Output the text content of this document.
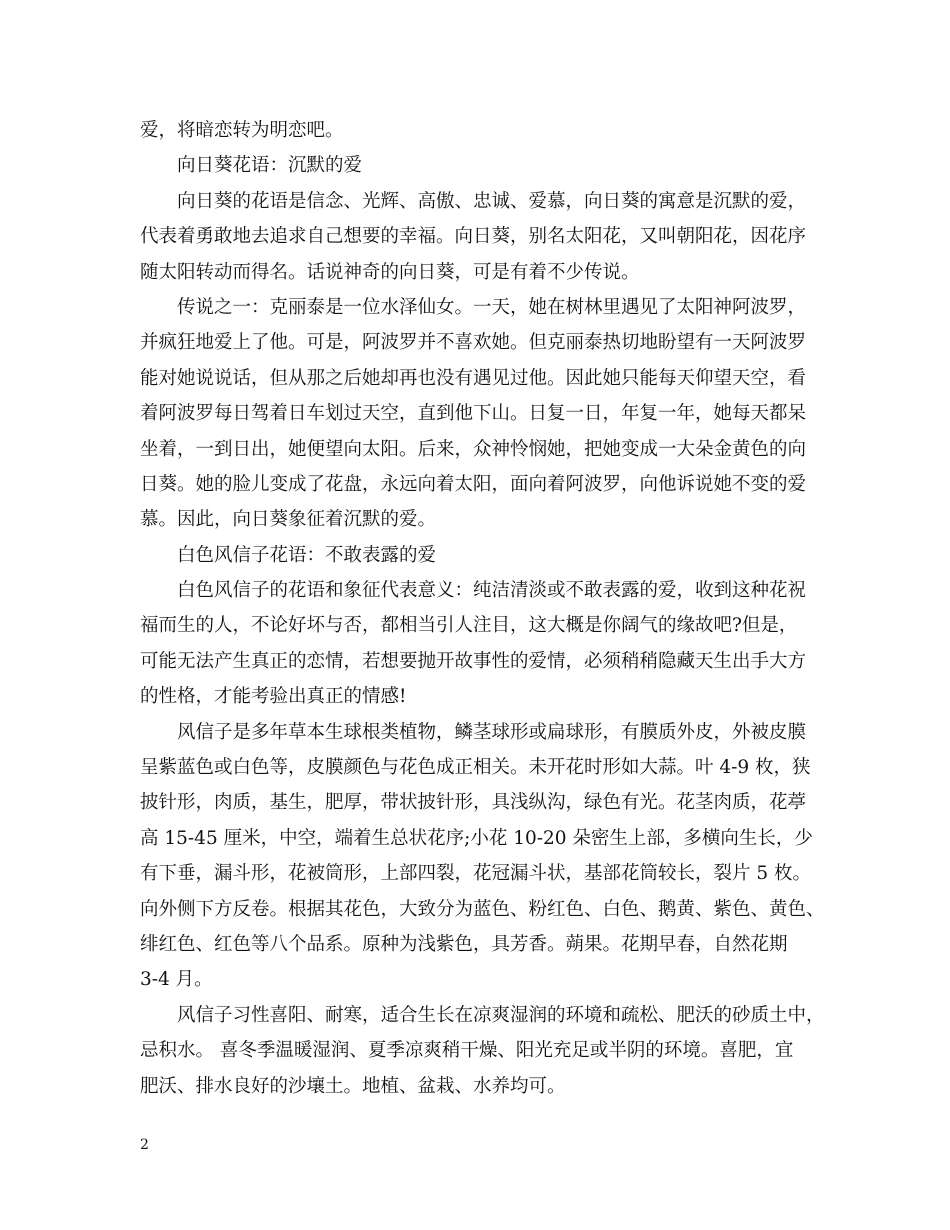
爱，将暗恋转为明恋吧。
向日葵花语：沉默的爱
向日葵的花语是信念、光辉、高傲、忠诚、爱慕，向日葵的寓意是沉默的爱，
代表着勇敢地去追求自己想要的幸福。向日葵，别名太阳花，又叫朝阳花，因花序
随太阳转动而得名。话说神奇的向日葵，可是有着不少传说。
传说之一：克丽泰是一位水泽仙女。一天，她在树林里遇见了太阳神阿波罗，
并疯狂地爱上了他。可是，阿波罗并不喜欢她。但克丽泰热切地盼望有一天阿波罗
能对她说说话，但从那之后她却再也没有遇见过他。因此她只能每天仰望天空，看
着阿波罗每日驾着日车划过天空，直到他下山。日复一日，年复一年，她每天都呆
坐着，一到日出，她便望向太阳。后来，众神怜悯她，把她变成一大朵金黄色的向
日葵。她的脸儿变成了花盘，永远向着太阳，面向着阿波罗，向他诉说她不变的爱
慕。因此，向日葵象征着沉默的爱。
白色风信子花语：不敢表露的爱
白色风信子的花语和象征代表意义：纯洁清淡或不敢表露的爱，收到这种花祝
福而生的人，不论好坏与否，都相当引人注目，这大概是你阔气的缘故吧?但是，
可能无法产生真正的恋情，若想要抛开故事性的爱情，必须稍稍隐藏天生出手大方
的性格，才能考验出真正的情感!
风信子是多年草本生球根类植物，鳞茎球形或扁球形，有膜质外皮，外被皮膜
呈紫蓝色或白色等，皮膜颜色与花色成正相关。未开花时形如大蒜。叶 4-9 枚，狭
披针形，肉质，基生，肥厚，带状披针形，具浅纵沟，绿色有光。花茎肉质，花葶
高 15-45 厘米，中空，端着生总状花序;小花 10-20 朵密生上部，多横向生长，少
有下垂，漏斗形，花被筒形，上部四裂，花冠漏斗状，基部花筒较长，裂片 5 枚。
向外侧下方反卷。根据其花色，大致分为蓝色、粉红色、白色、鹅黄、紫色、黄色、
绯红色、红色等八个品系。原种为浅紫色，具芳香。蒴果。花期早春，自然花期
3-4 月。
风信子习性喜阳、耐寒，适合生长在凉爽湿润的环境和疏松、肥沃的砂质土中，
忌积水。 喜冬季温暖湿润、夏季凉爽稍干燥、阳光充足或半阴的环境。喜肥，宜
肥沃、排水良好的沙壤土。地植、盆栽、水养均可。
2
